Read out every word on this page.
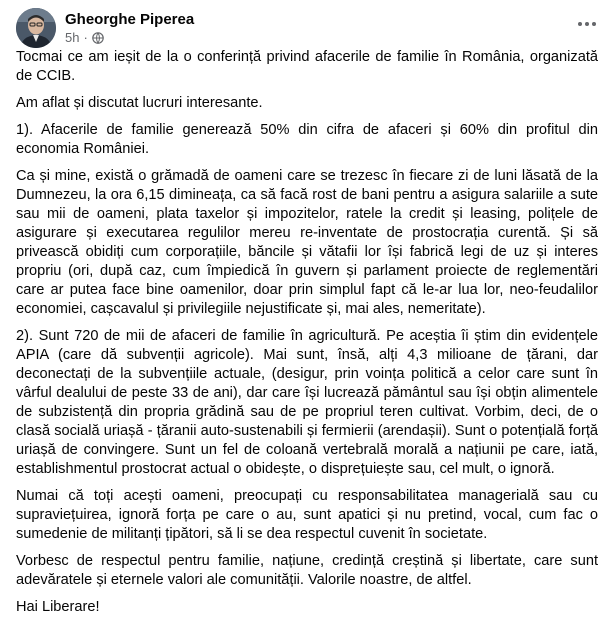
Gheorghe Piperea
5h ·

Tocmai ce am ieșit de la o conferință privind afacerile de familie în România, organizată de CCIB.

Am aflat și discutat lucruri interesante.

1). Afacerile de familie generează 50% din cifra de afaceri și 60% din profitul din economia României.

Ca și mine, există o grămadă de oameni care se trezesc în fiecare zi de luni lăsată de la Dumnezeu, la ora 6,15 dimineața, ca să facă rost de bani pentru a asigura salariile a sute sau mii de oameni, plata taxelor și impozitelor, ratele la credit și leasing, polițele de asigurare și executarea regulilor mereu re-inventate de prostocrația curentă. Și să privească obidiți cum corporațiile, băncile și vătafii lor își fabrică legi de uz și interes propriu (ori, după caz, cum împiedică în guvern și parlament proiecte de reglementări care ar putea face bine oamenilor, doar prin simplul fapt că le-ar lua lor, neo-feudalilor economiei, cașcavalul și privilegiile nejustificate și, mai ales, nemeritate).

2). Sunt 720 de mii de afaceri de familie în agricultură. Pe aceștia îi știm din evidențele APIA (care dă subvenții agricole). Mai sunt, însă, alți 4,3 milioane de țărani, dar deconectați de la subvențiile actuale, (desigur, prin voința politică a celor care sunt în vârful dealului de peste 33 de ani), dar care își lucrează pământul sau își obțin alimentele de subzistență din propria grădină sau de pe propriul teren cultivat. Vorbim, deci, de o clasă socială uriașă - țăranii auto-sustenabili și fermierii (arendașii). Sunt o potențială forță uriașă de convingere. Sunt un fel de coloană vertebrală morală a națiunii pe care, iată, establishmentul prostocrat actual o obidește, o disprețuiește sau, cel mult, o ignoră.

Numai că toți acești oameni, preocupați cu responsabilitatea managerială sau cu supraviețuirea, ignoră forța pe care o au, sunt apatici și nu pretind, vocal, cum fac o sumedenie de militanți țipători, să li se dea respectul cuvenit în societate.

Vorbesc de respectul pentru familie, națiune, credință creștină și libertate, care sunt adevăratele și eternele valori ale comunității. Valorile noastre, de altfel.

Hai Liberare!
